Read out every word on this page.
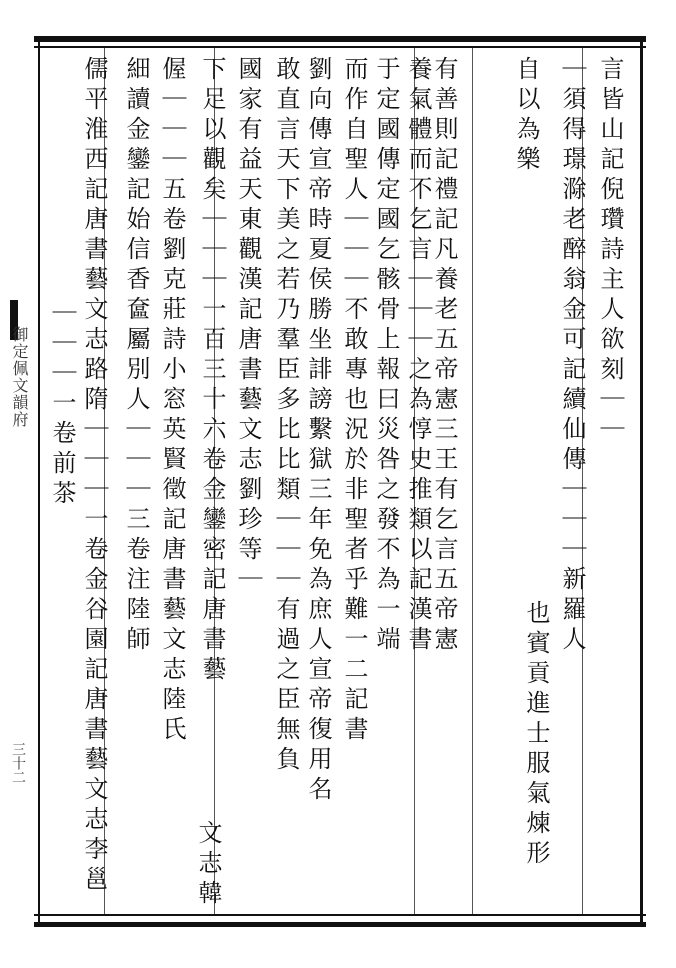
御定佩文韻府
三十二
言皆山記倪瓚詩主人欲刻｜｜
｜須得璟滁老醉翁金可記續仙傳｜｜｜新羅人
也賓貢進士服氣煉形
自以為樂
有善則記禮記凡養老五帝憲三王有乞言五帝憲
養氣體而不乞言｜｜｜之為惇史推類以記漢書
于定國傳定國乞骸骨上報曰災咎之發不為一端
而作自聖人｜｜｜不敢專也況於非聖者乎難一二記書
劉向傳宣帝時夏侯勝坐誹謗繫獄三年免為庶人宣帝復用名
敢直言天下美之若乃羣臣多比比類｜｜｜有過之臣無負
國家有益天東觀漢記唐書藝文志劉珍等｜
下足以觀矣｜｜｜一百三十六卷金鑾密記唐書藝
文志韓
偓｜｜｜五卷劉克莊詩小窓英賢徵記唐書藝文志陸氏
細讀金鑾記始信香奩屬別人｜｜｜三卷注陸師
儒平淮西記唐書藝文志路隋｜｜｜一卷金谷園記唐書藝文志李邕
｜｜｜一卷前茶
